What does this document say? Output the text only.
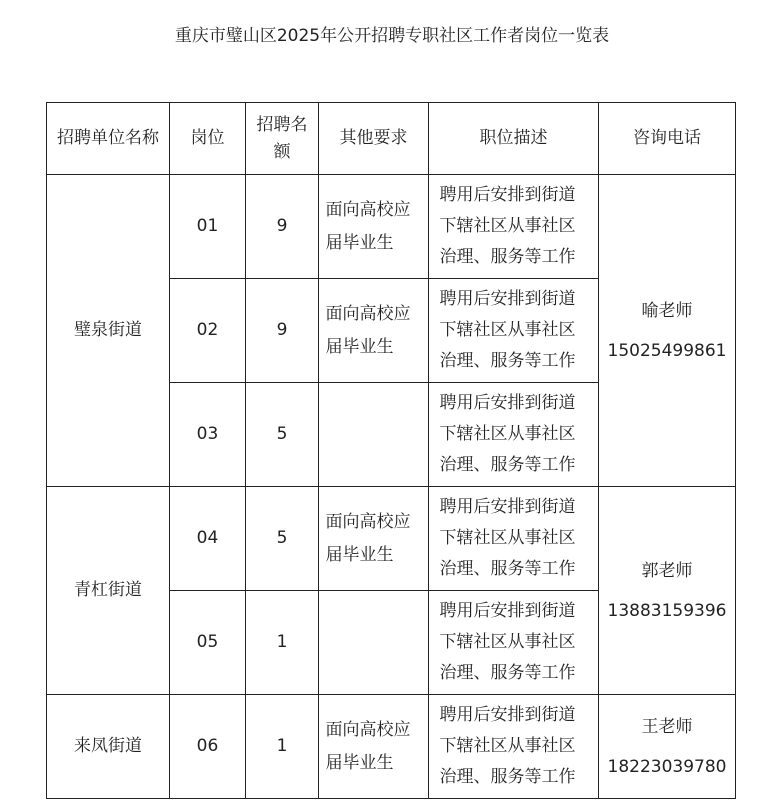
重庆市璧山区2025年公开招聘专职社区工作者岗位一览表
招聘单位名称	岗位	招聘名额	其他要求	职位描述	咨询电话
璧泉街道	01	9	面向高校应届毕业生	聘用后安排到街道下辖社区从事社区治理、服务等工作	喻老师
15025499861
	02	9	面向高校应届毕业生	聘用后安排到街道下辖社区从事社区治理、服务等工作	
	03	5		聘用后安排到街道下辖社区从事社区治理、服务等工作	
青杠街道	04	5	面向高校应届毕业生	聘用后安排到街道下辖社区从事社区治理、服务等工作	郭老师
13883159396
	05	1		聘用后安排到街道下辖社区从事社区治理、服务等工作	
来凤街道	06	1	面向高校应届毕业生	聘用后安排到街道下辖社区从事社区治理、服务等工作	王老师
18223039780
